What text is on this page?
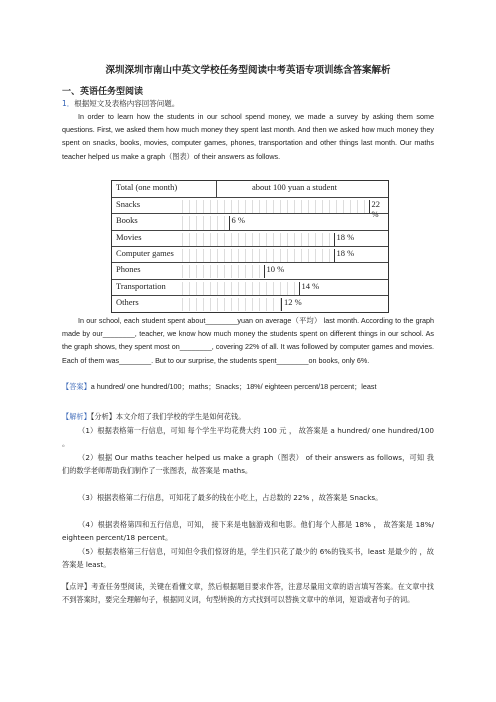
深圳深圳市南山中英文学校任务型阅读中考英语专项训练含答案解析
一、英语任务型阅读
1．根据短文及表格内容回答问题。
In order to learn how the students in our school spend money, we made a survey by asking them some questions. First, we asked them how much money they spent last month. And then we asked how much money they spent on snacks, books, movies, computer games, phones, transportation and other things last month. Our maths teacher helped us make a graph（图表）of their answers as follows.
Total (one month)	about 100 yuan a student
Snacks	22 %
Books	6 %
Movies	18 %
Computer games	18 %
Phones	10 %
Transportation	14 %
Others	12 %
In our school, each student spent about________yuan on average（平均） last month. According to the graph made by our________, teacher, we know how much money the students spent on different things in our school. As the graph shows, they spent most on________, covering 22% of all. It was followed by computer games and movies. Each of them was________. But to our surprise, the students spent________on books, only 6%.
【答案】a hundred/ one hundred/100；maths；Snacks；18%/ eighteen percent/18 percent；least
【解析】【分析】本文介绍了我们学校的学生是如何花钱。
（1）根据表格第一行信息，可知 每个学生平均花费大约 100 元 ， 故答案是 a hundred/ one hundred/100 。
（2）根据 Our maths teacher helped us make a graph（图表） of their answers as follows，可知 我们的数学老师帮助我们制作了一张图表，故答案是 maths。
（3）根据表格第二行信息，可知花了最多的钱在小吃上，占总数的 22% ，故答案是 Snacks。
（4）根据表格第四和五行信息，可知， 接下来是电脑游戏和电影。他们每个人都是 18% ， 故答案是 18%/ eighteen percent/18 percent。
（5）根据表格第三行信息，可知但令我们惊讶的是，学生们只花了最少的 6%的钱买书，least 是最少的 ，故答案是 least。
【点评】考查任务型阅读，关键在看懂文章，然后根据题目要求作答，注意尽量用文章的语言填写答案。在文章中找不到答案时，要完全理解句子，根据同义词，句型转换的方式找到可以替换文章中的单词，短语或者句子的词。
